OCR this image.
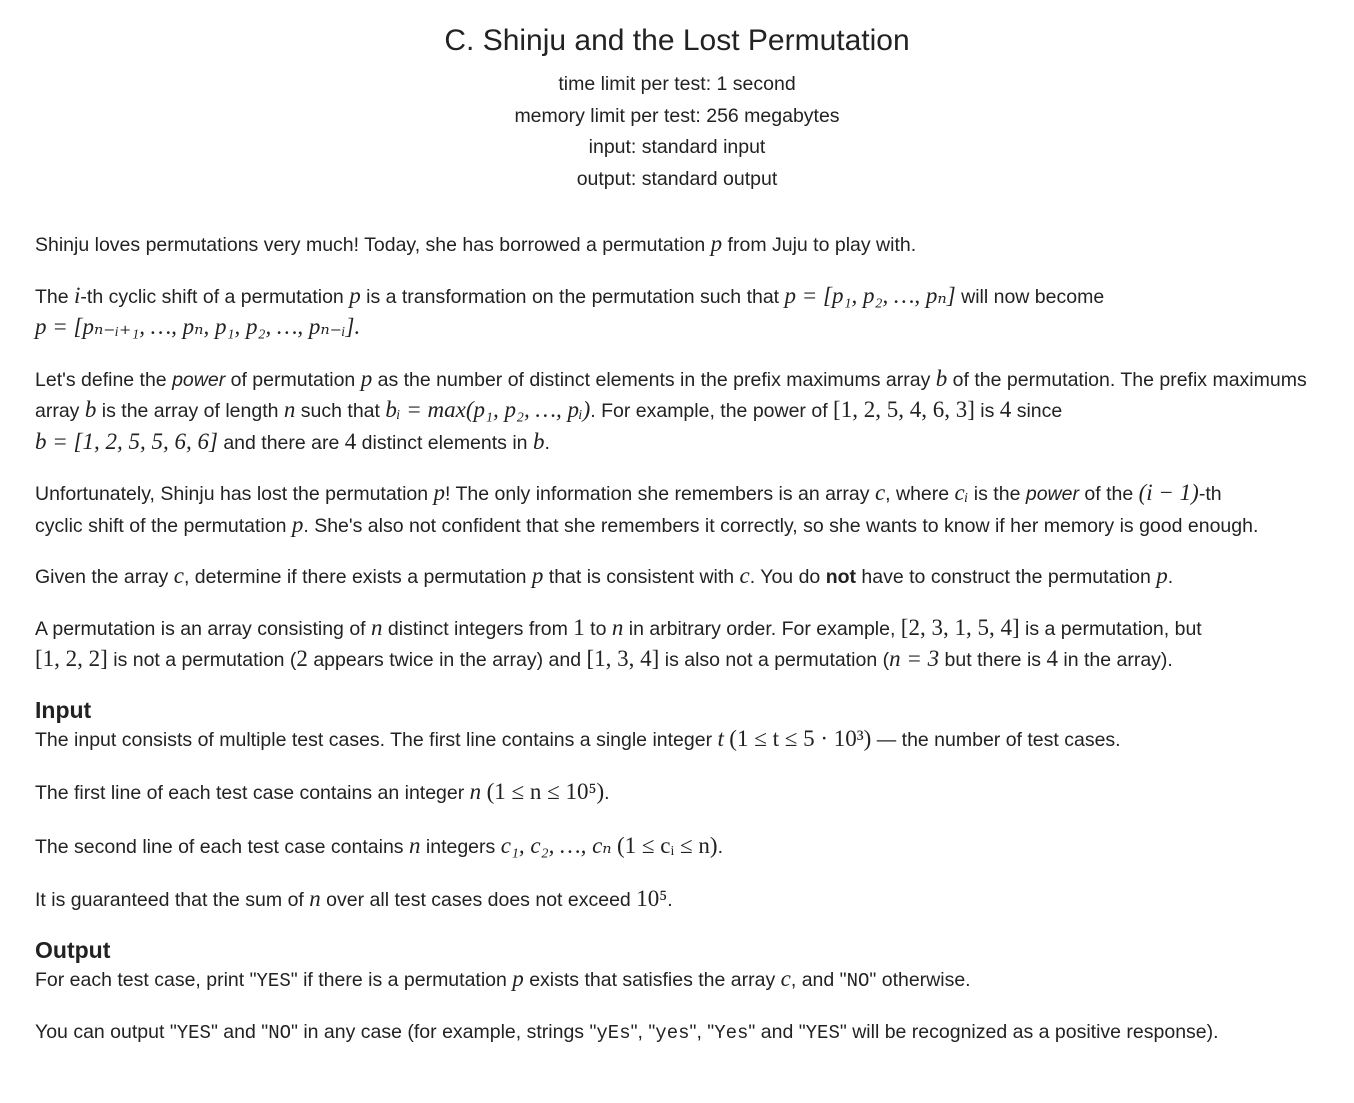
C. Shinju and the Lost Permutation
time limit per test: 1 second
memory limit per test: 256 megabytes
input: standard input
output: standard output

Shinju loves permutations very much! Today, she has borrowed a permutation p from Juju to play with.

The i-th cyclic shift of a permutation p is a transformation on the permutation such that p = [p₁, p₂, …, pₙ] will now become
p = [pₙ₋ᵢ₊₁, …, pₙ, p₁, p₂, …, pₙ₋ᵢ].

Let's define the power of permutation p as the number of distinct elements in the prefix maximums array b of the permutation. The prefix maximums array b is the array of length n such that bᵢ = max(p₁, p₂, …, pᵢ). For example, the power of [1, 2, 5, 4, 6, 3] is 4 since
b = [1, 2, 5, 5, 6, 6] and there are 4 distinct elements in b.

Unfortunately, Shinju has lost the permutation p! The only information she remembers is an array c, where cᵢ is the power of the (i − 1)-th
cyclic shift of the permutation p. She's also not confident that she remembers it correctly, so she wants to know if her memory is good enough.

Given the array c, determine if there exists a permutation p that is consistent with c. You do not have to construct the permutation p.

A permutation is an array consisting of n distinct integers from 1 to n in arbitrary order. For example, [2, 3, 1, 5, 4] is a permutation, but
[1, 2, 2] is not a permutation (2 appears twice in the array) and [1, 3, 4] is also not a permutation (n = 3 but there is 4 in the array).

Input

The input consists of multiple test cases. The first line contains a single integer t (1 ≤ t ≤ 5 · 10³) — the number of test cases.

The first line of each test case contains an integer n (1 ≤ n ≤ 10⁵).

The second line of each test case contains n integers c₁, c₂, …, cₙ (1 ≤ cᵢ ≤ n).

It is guaranteed that the sum of n over all test cases does not exceed 10⁵.

Output

For each test case, print "YES" if there is a permutation p exists that satisfies the array c, and "NO" otherwise.

You can output "YES" and "NO" in any case (for example, strings "yEs", "yes", "Yes" and "YES" will be recognized as a positive response).
